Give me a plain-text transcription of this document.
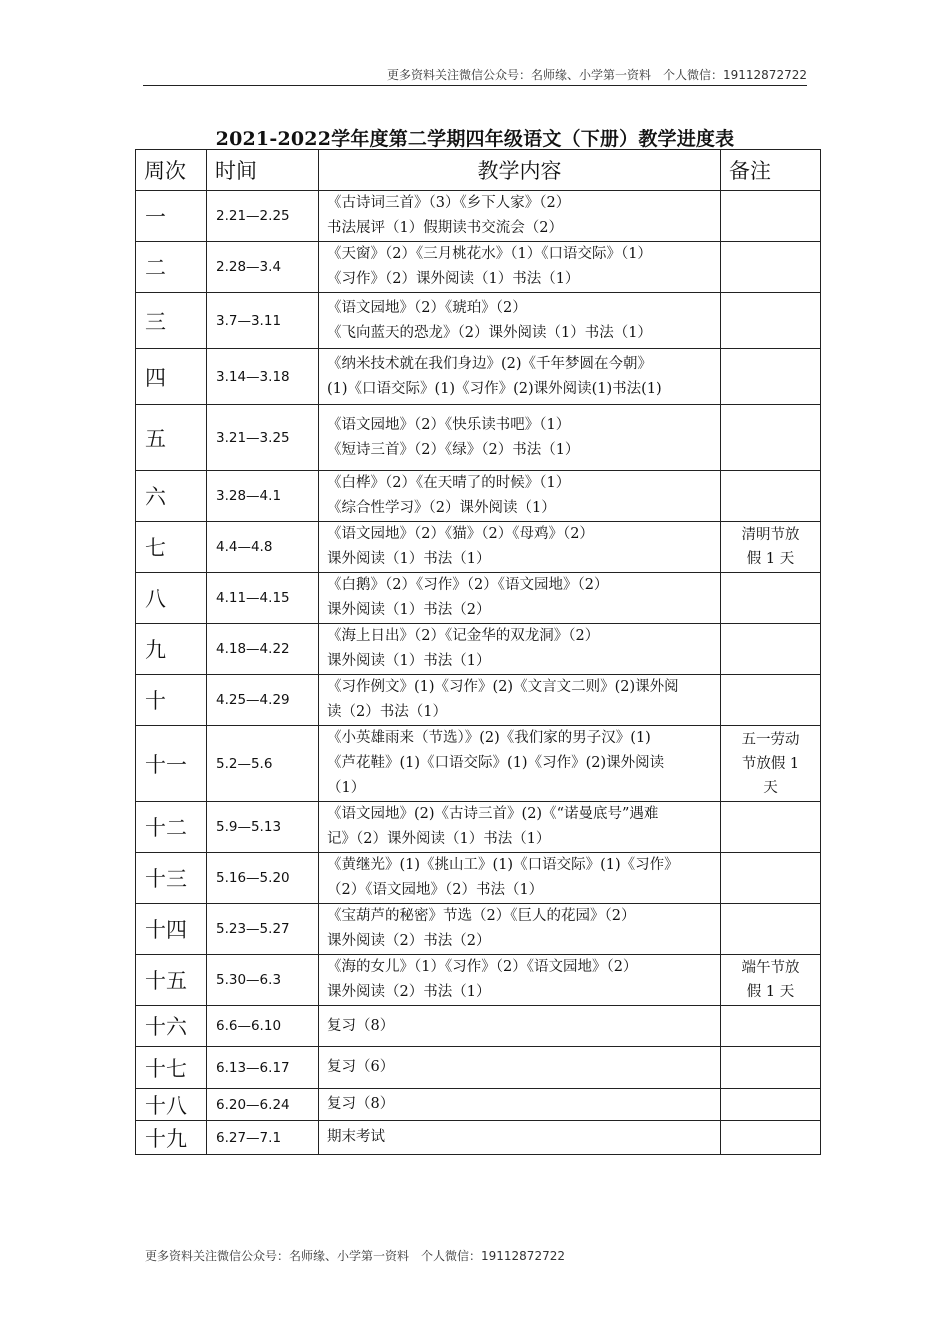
更多资料关注微信公众号：名师缘、小学第一资料　个人微信：19112872722
2021-2022学年度第二学期四年级语文（下册）教学进度表
周次	时间	教学内容	备注
一	2.21—2.25	《古诗词三首》（3）《乡下人家》（2）
书法展评（1）假期读书交流会（2）	

二	2.28—3.4	《天窗》（2）《三月桃花水》（1）《口语交际》（1）
《习作》（2）课外阅读（1）书法（1）	

三	3.7—3.11	《语文园地》（2）《琥珀》（2）
《飞向蓝天的恐龙》（2）课外阅读（1）书法（1）	

四	3.14—3.18	《纳米技术就在我们身边》(2)《千年梦圆在今朝》
(1)《口语交际》(1)《习作》(2)课外阅读(1)书法(1)	

五	3.21—3.25	《语文园地》（2）《快乐读书吧》（1）
《短诗三首》（2）《绿》（2）书法（1）	

六	3.28—4.1	《白桦》（2）《在天晴了的时候》（1）
《综合性学习》（2）课外阅读（1）	

七	4.4—4.8	《语文园地》（2）《猫》（2）《母鸡》（2）
课外阅读（1）书法（1）	清明节放
假 1 天

八	4.11—4.15	《白鹅》（2）《习作》（2）《语文园地》（2）
课外阅读（1）书法（2）	

九	4.18—4.22	《海上日出》（2）《记金华的双龙洞》（2）
课外阅读（1）书法（1）	

十	4.25—4.29	《习作例文》(1)《习作》(2)《文言文二则》(2)课外阅
读（2）书法（1）	

十一	5.2—5.6	《小英雄雨来（节选）》(2)《我们家的男子汉》(1)
《芦花鞋》(1)《口语交际》(1)《习作》(2)课外阅读
（1）	五一劳动
节放假 1
天

十二	5.9—5.13	《语文园地》(2)《古诗三首》(2)《“诺曼底号”遇难
记》（2）课外阅读（1）书法（1）	

十三	5.16—5.20	《黄继光》(1)《挑山工》(1)《口语交际》(1)《习作》
（2）《语文园地》（2）书法（1）	

十四	5.23—5.27	《宝葫芦的秘密》节选（2）《巨人的花园》（2）
课外阅读（2）书法（2）	

十五	5.30—6.3	《海的女儿》（1）《习作》（2）《语文园地》（2）
课外阅读（2）书法（1）	端午节放
假 1 天

十六	6.6—6.10	复习（8）	

十七	6.13—6.17	复习（6）	

十八	6.20—6.24	复习（8）	

十九	6.27—7.1	期末考试	

更多资料关注微信公众号：名师缘、小学第一资料　个人微信：19112872722
